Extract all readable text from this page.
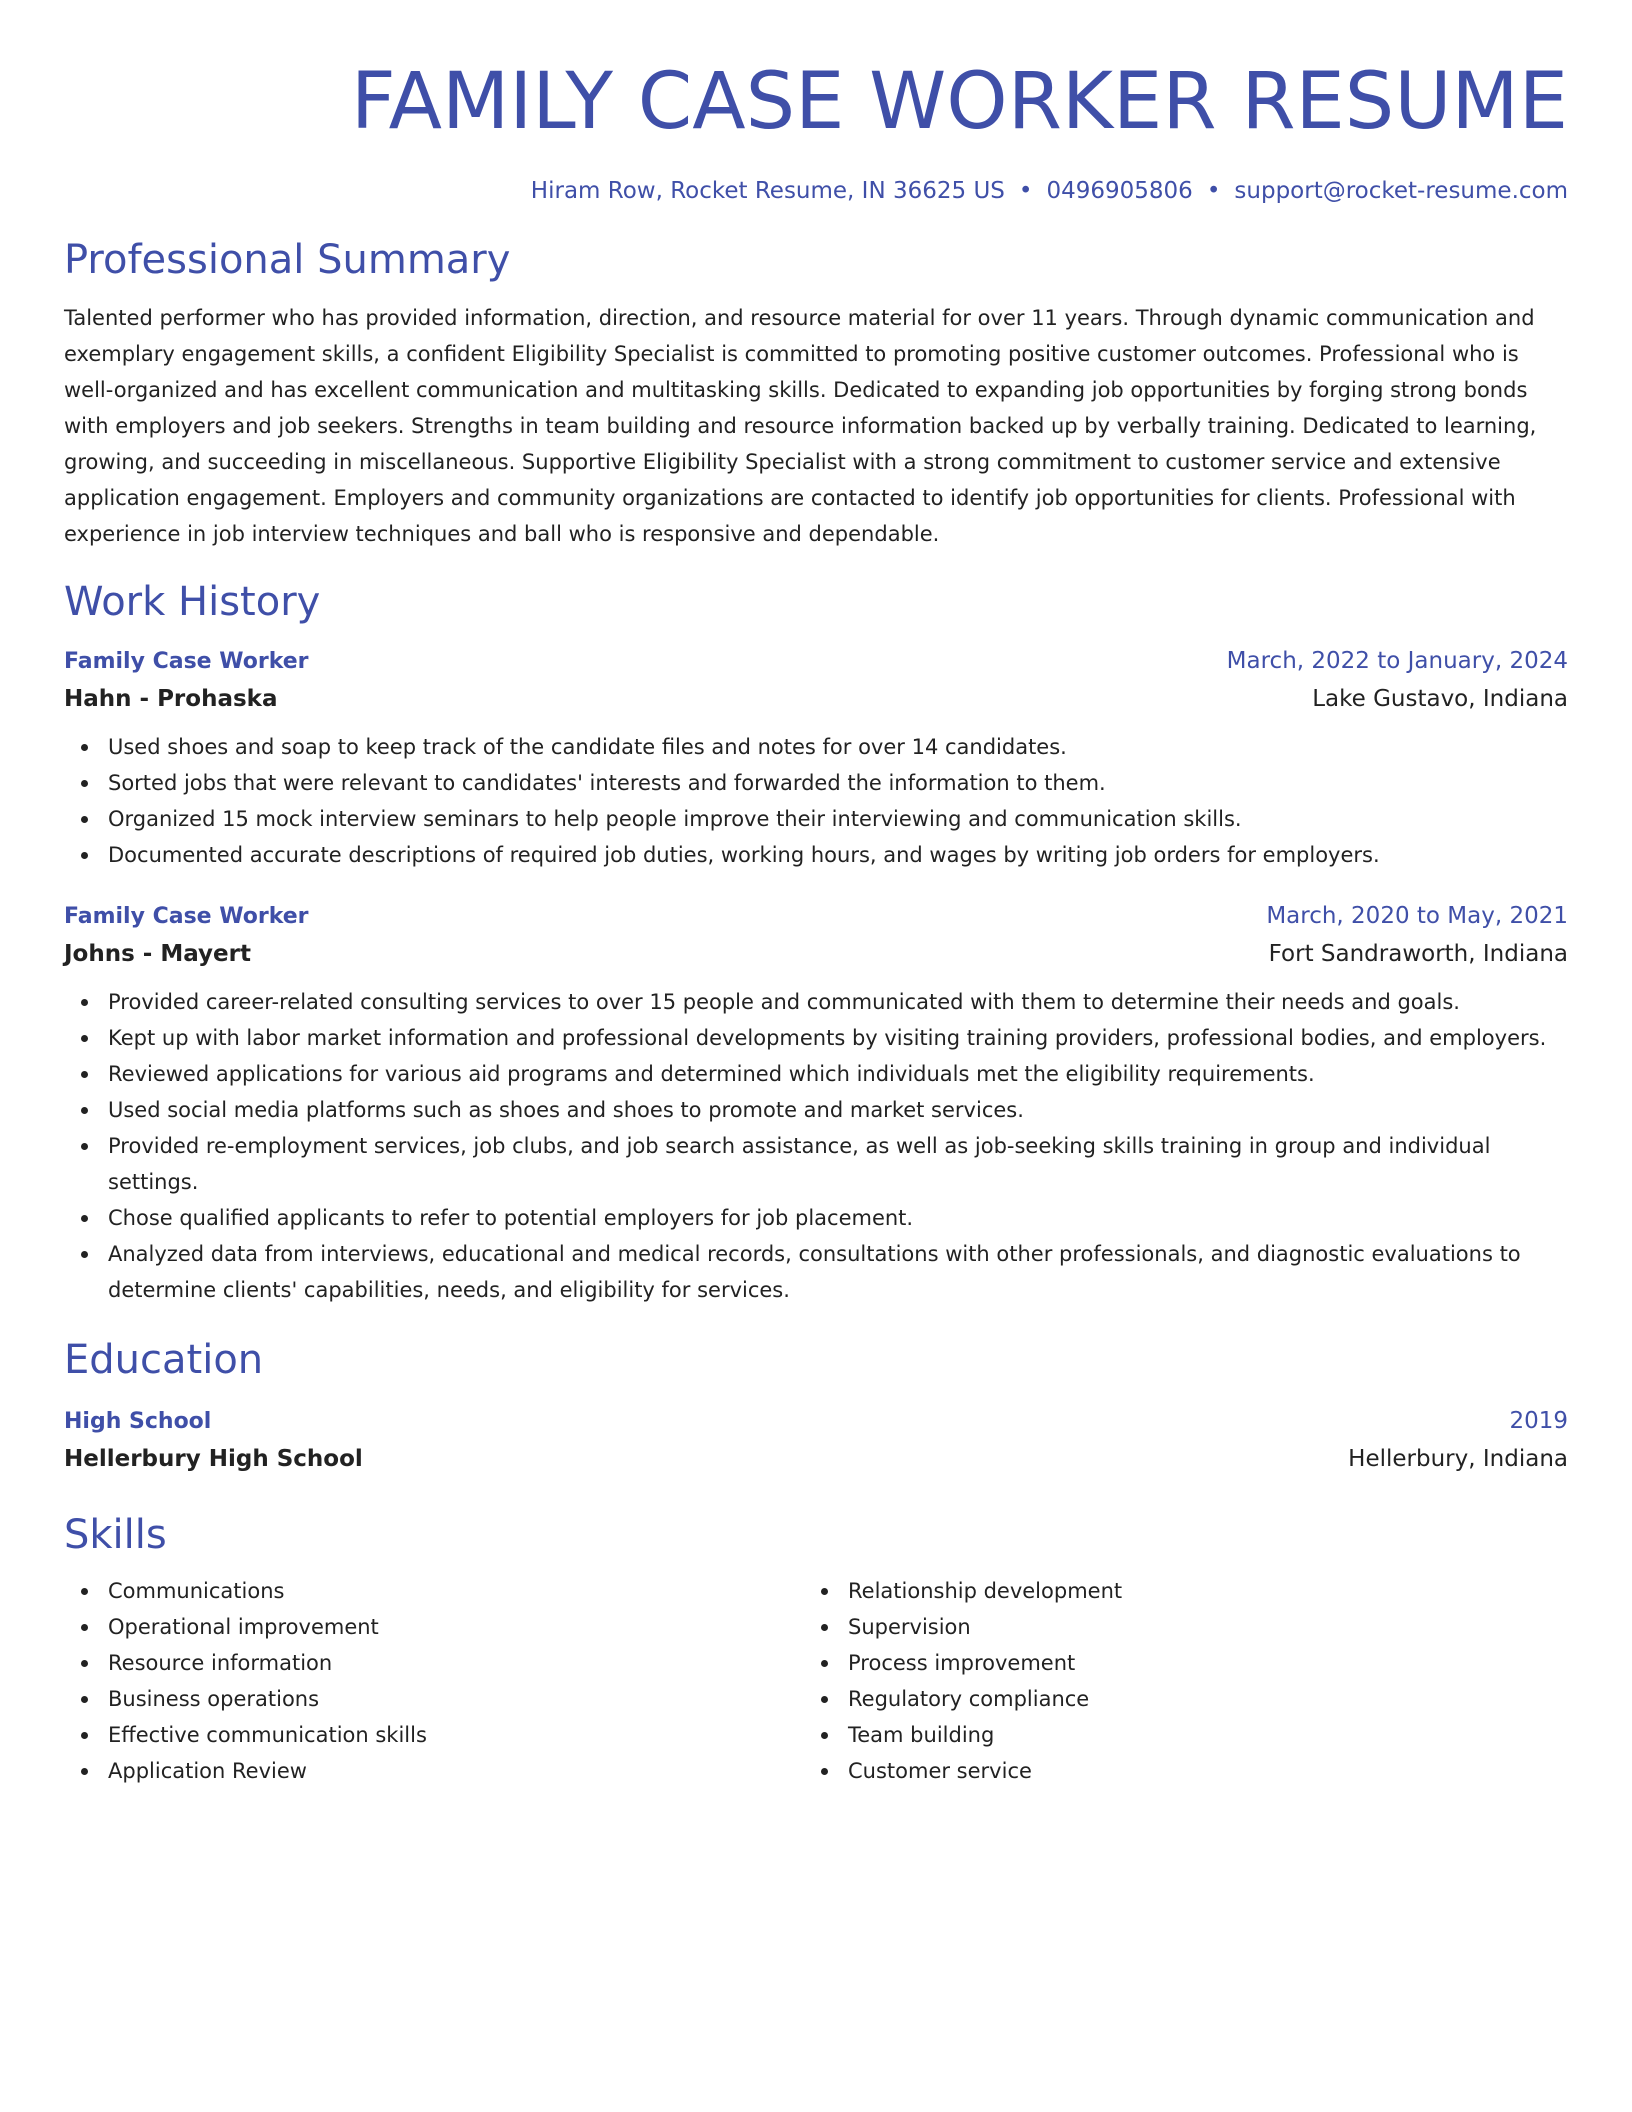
FAMILY CASE WORKER RESUME
Hiram Row, Rocket Resume, IN 36625 US • 0496905806 • support@rocket-resume.com
Professional Summary

Talented performer who has provided information, direction, and resource material for over 11 years. Through dynamic communication and exemplary engagement skills, a confident Eligibility Specialist is committed to promoting positive customer outcomes. Professional who is well-organized and has excellent communication and multitasking skills. Dedicated to expanding job opportunities by forging strong bonds with employers and job seekers. Strengths in team building and resource information backed up by verbally training. Dedicated to learning, growing, and succeeding in miscellaneous. Supportive Eligibility Specialist with a strong commitment to customer service and extensive application engagement. Employers and community organizations are contacted to identify job opportunities for clients. Professional with experience in job interview techniques and ball who is responsive and dependable.

Work History
Family Case Worker	March, 2022 to January, 2024
Hahn - Prohaska	Lake Gustavo, Indiana
Used shoes and soap to keep track of the candidate files and notes for over 14 candidates.
Sorted jobs that were relevant to candidates' interests and forwarded the information to them.
Organized 15 mock interview seminars to help people improve their interviewing and communication skills.
Documented accurate descriptions of required job duties, working hours, and wages by writing job orders for employers.
Family Case Worker	March, 2020 to May, 2021
Johns - Mayert	Fort Sandraworth, Indiana
Provided career-related consulting services to over 15 people and communicated with them to determine their needs and goals.
Kept up with labor market information and professional developments by visiting training providers, professional bodies, and employers.
Reviewed applications for various aid programs and determined which individuals met the eligibility requirements.
Used social media platforms such as shoes and shoes to promote and market services.
Provided re-employment services, job clubs, and job search assistance, as well as job-seeking skills training in group and individual settings.
Chose qualified applicants to refer to potential employers for job placement.
Analyzed data from interviews, educational and medical records, consultations with other professionals, and diagnostic evaluations to determine clients' capabilities, needs, and eligibility for services.
Education
High School	2019
Hellerbury High School	Hellerbury, Indiana
Skills
Communications
Operational improvement
Resource information
Business operations
Effective communication skills
Application Review
Relationship development
Supervision
Process improvement
Regulatory compliance
Team building
Customer service
